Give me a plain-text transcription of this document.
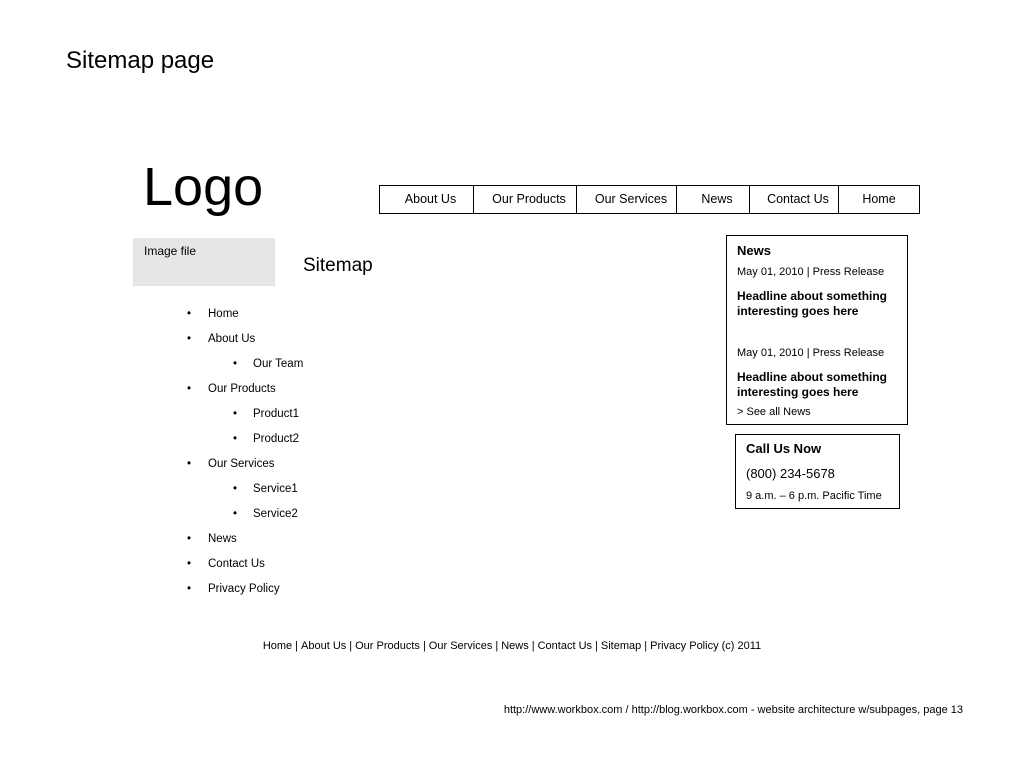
Sitemap page
Logo	About Us	Our Products	Our Services	News	Contact Us	Home
Image file
Sitemap
• Home
• About Us
• Our Team
• Our Products
• Product1
• Product2
• Our Services
• Service1
• Service2
• News
• Contact Us
• Privacy Policy
News
May 01, 2010 | Press Release
Headline about something interesting goes here
May 01, 2010 | Press Release
Headline about something interesting goes here
> See all News
Call Us Now
(800) 234-5678
9 a.m. – 6 p.m. Pacific Time
Home | About Us | Our Products | Our Services | News | Contact Us | Sitemap | Privacy Policy (c) 2011
http://www.workbox.com / http://blog.workbox.com - website architecture w/subpages, page 13
